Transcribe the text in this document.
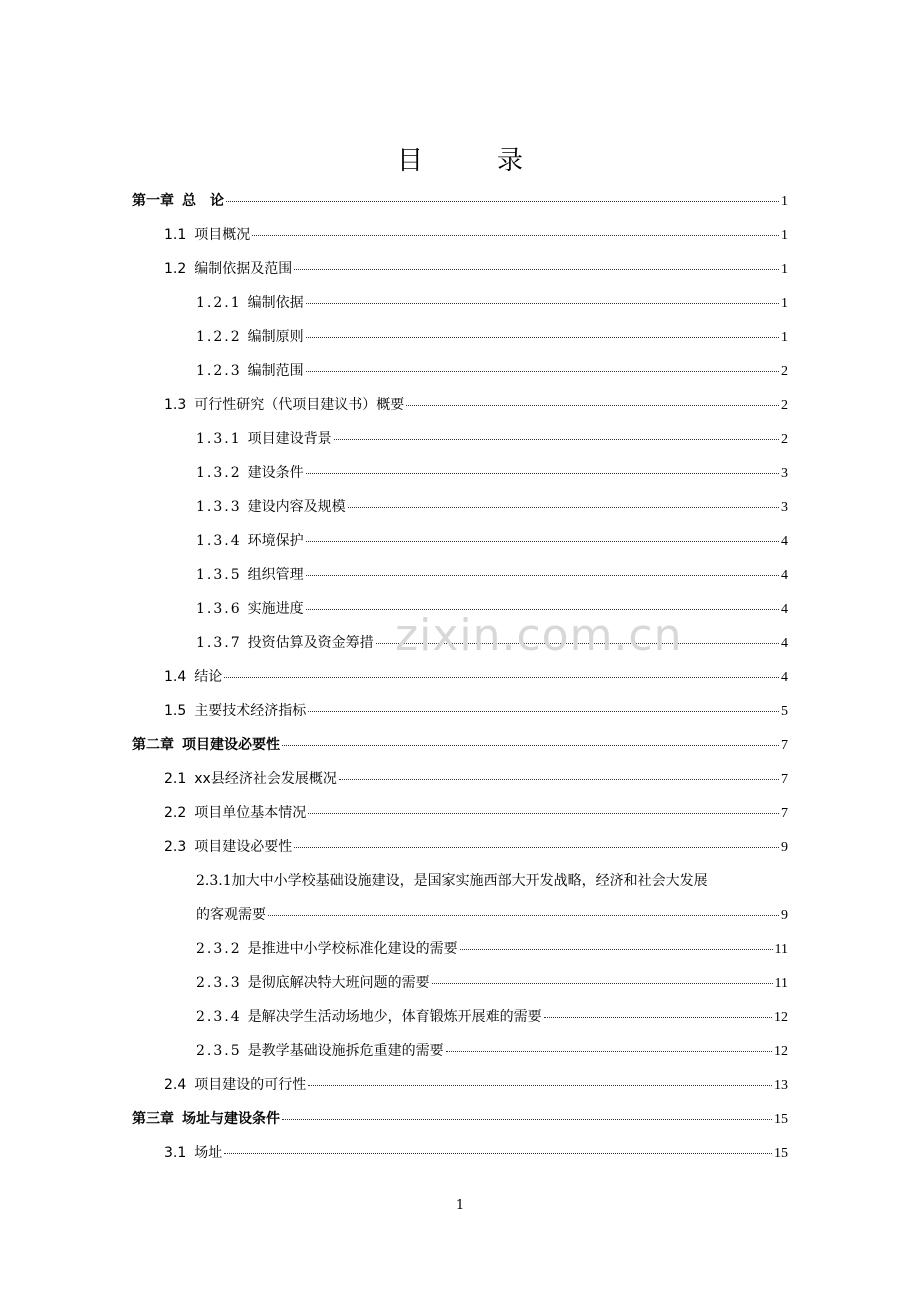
目　录
第一章 总　论	1
1.1 项目概况	1
1.2 编制依据及范围	1
1.2.1 编制依据	1
1.2.2 编制原则	1
1.2.3 编制范围	2
1.3 可行性研究（代项目建议书）概要	2
1.3.1 项目建设背景	2
1.3.2 建设条件	3
1.3.3 建设内容及规模	3
1.3.4 环境保护	4
1.3.5 组织管理	4
1.3.6 实施进度	4
1.3.7 投资估算及资金筹措	4
1.4 结论	4
1.5 主要技术经济指标	5
第二章 项目建设必要性	7
2.1 xx县经济社会发展概况	7
2.2 项目单位基本情况	7
2.3 项目建设必要性	9
2.3.1加大中小学校基础设施建设，是国家实施西部大开发战略，经济和社会大发展
的客观需要	9
2.3.2 是推进中小学校标准化建设的需要	11
2.3.3 是彻底解决特大班问题的需要	11
2.3.4 是解决学生活动场地少，体育锻炼开展难的需要	12
2.3.5 是教学基础设施拆危重建的需要	12
2.4 项目建设的可行性	13
第三章 场址与建设条件	15
3.1 场址	15
zixin.com.cn
1
